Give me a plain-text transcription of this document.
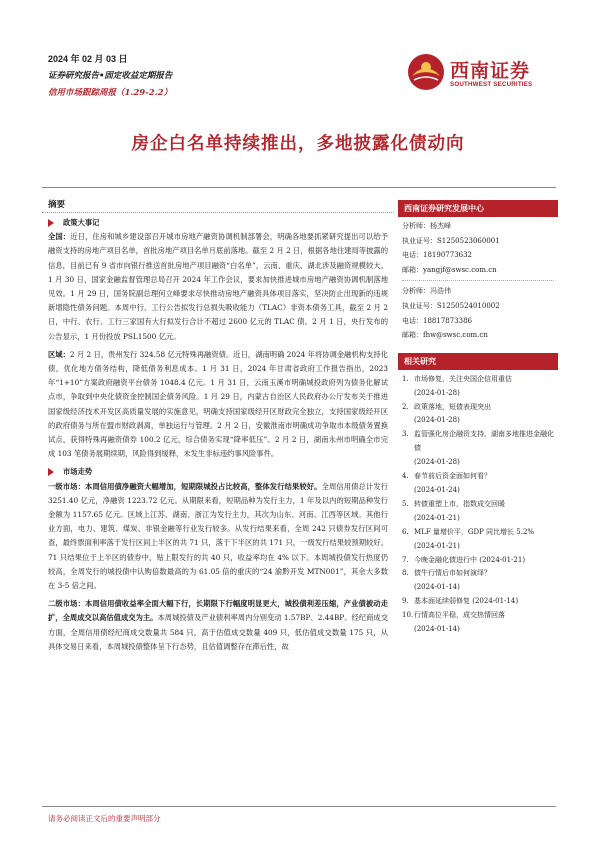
2024 年 02 月 03 日
证券研究报告•固定收益定期报告
信用市场跟踪周报（1.29-2.2）
西南证券
SOUTHWEST SECURITIES
房企白名单持续推出，多地披露化债动向
摘要
政策大事记

全国：近日，住房和城乡建设部召开城市房地产融资协调机制部署会，明确各地要抓紧研究提出可以给予融资支持的房地产项目名单，首批房地产项目名单月底前落地。截至 2 月 2 日，根据各地住建局等披露的信息，目前已有 9 省市向银行推送首批房地产项目融资“白名单”，云南、重庆、湖北涉及融资规模较大。1 月 30 日，国家金融监督管理总局召开 2024 年工作会议，要求加快推进城市房地产融资协调机制落地见效。1 月 29 日，国务院副总理何立峰要求尽快推动房地产融资具体项目落实，坚决防止出现新的违规新增隐性债务问题。本周中行、工行公告拟发行总损失吸收能力（TLAC）非资本债务工具，截至 2 月 2 日，中行、农行、工行三家国有大行拟发行合计不超过 2600 亿元的 TLAC 债。2 月 1 日，央行发布的公告显示，1 月份投放 PSL1500 亿元。

区域：2 月 2 日，贵州发行 324.58 亿元特殊再融资债。近日，湖南明确 2024 年将协调金融机构支持化债，优化地方债务结构，降低债务利息成本。1 月 31 日，2024 年甘肃省政府工作报告指出，2023 年“1+10”方案政府融资平台债务 1048.4 亿元。1 月 31 日，云南玉溪市明确城投政府列为债务化解试点市，争取到中央化债资金控制国企债务风险。1 月 29 日，内蒙古自治区人民政府办公厅发布关于推进国家级经济技术开发区高质量发展的实施意见，明确支持国家级经开区财政完全独立，支持国家级经开区的政府债务与所在盟市财政剥离，单独运行与管理。2 月 2 日，安徽淮南市明确成功争取市本级债务置换试点，获得特殊再融资债券 100.2 亿元，综合债务实现“降率低压”。2 月 2 日，湖南永州市明确全市完成 103 笔债务展期续期，风险得到缓释，未发生非标违约事风险事件。

市场走势

一级市场：本周信用债净融资大幅增加，短期限城投占比较高，整体发行结果较好。全周信用债总计发行 3251.40 亿元，净融资 1223.72 亿元。从期限来看，短期品种为发行主力，1 年及以内的短期品种发行金额为 1157.65 亿元。区域上江苏、湖南、浙江为发行主力，其次为山东、河南、江西等区域。其他行业方面，电力、建筑、煤炭、非银金融等行业发行较多。从发行结果来看，全周 242 只债券发行区间可查，最终票面利率落于发行区间上半区的共 71 只，落于下半区的共 171 只，一级发行结果较预期较好。71 只结果位于上半区的债券中，贴上限发行的共 40 只，收益率均在 4% 以下。本周城投债发行热度仍较高，全周发行的城投债中认购倍数最高的为 61.05 倍的重庆的“24 渝黔开发 MTN001”，其余大多数在 3-5 倍之间。

二级市场：本周信用债收益率全面大幅下行，长期限下行幅度明显更大，城投债利差压缩，产业债被动走扩，全周成交以高估值成交为主。本周城投债及产业债利率周内分别变动 1.57BP、2.44BP。经纪商成交方面，全周信用债经纪商成交数量共 584 只，高于估值成交数量 409 只，低估值成交数量 175 只，从具体交易日来看，本周城投债整体呈下行态势，且估值调整存在滞后性，故

西南证券研究发展中心
分析师：杨杰峰
执业证号：S1250523060001
电话：18190773632
邮箱：yangjf@swsc.com.cn
分析师：冯浩伟
执业证号：S1250524010002
电话：18817873386
邮箱：fhw@swsc.com.cn
相关研究
1. 市场修复，关注央国企信用重估
(2024-01-28)
2. 政策落地，短债表现突出
(2024-01-28)
3. 监管强化房企融资支持，湖南多地推进金融化债
(2024-01-28)
4. 春节前后资金面如何看？
(2024-01-24)
5. 转债重塑上市，指数成交回暖
(2024-01-21)
6. MLF 量增价平，GDP 同比增长 5.2%
(2024-01-21)
7. 今晚金融化债进行中 (2024-01-21)
8. 债牛行情后市如何演绎？
(2024-01-14)
9. 基本面延续弱修复 (2024-01-14)
10. 行情高位平稳，成交热情回落
(2024-01-14)
请务必阅读正文后的重要声明部分
